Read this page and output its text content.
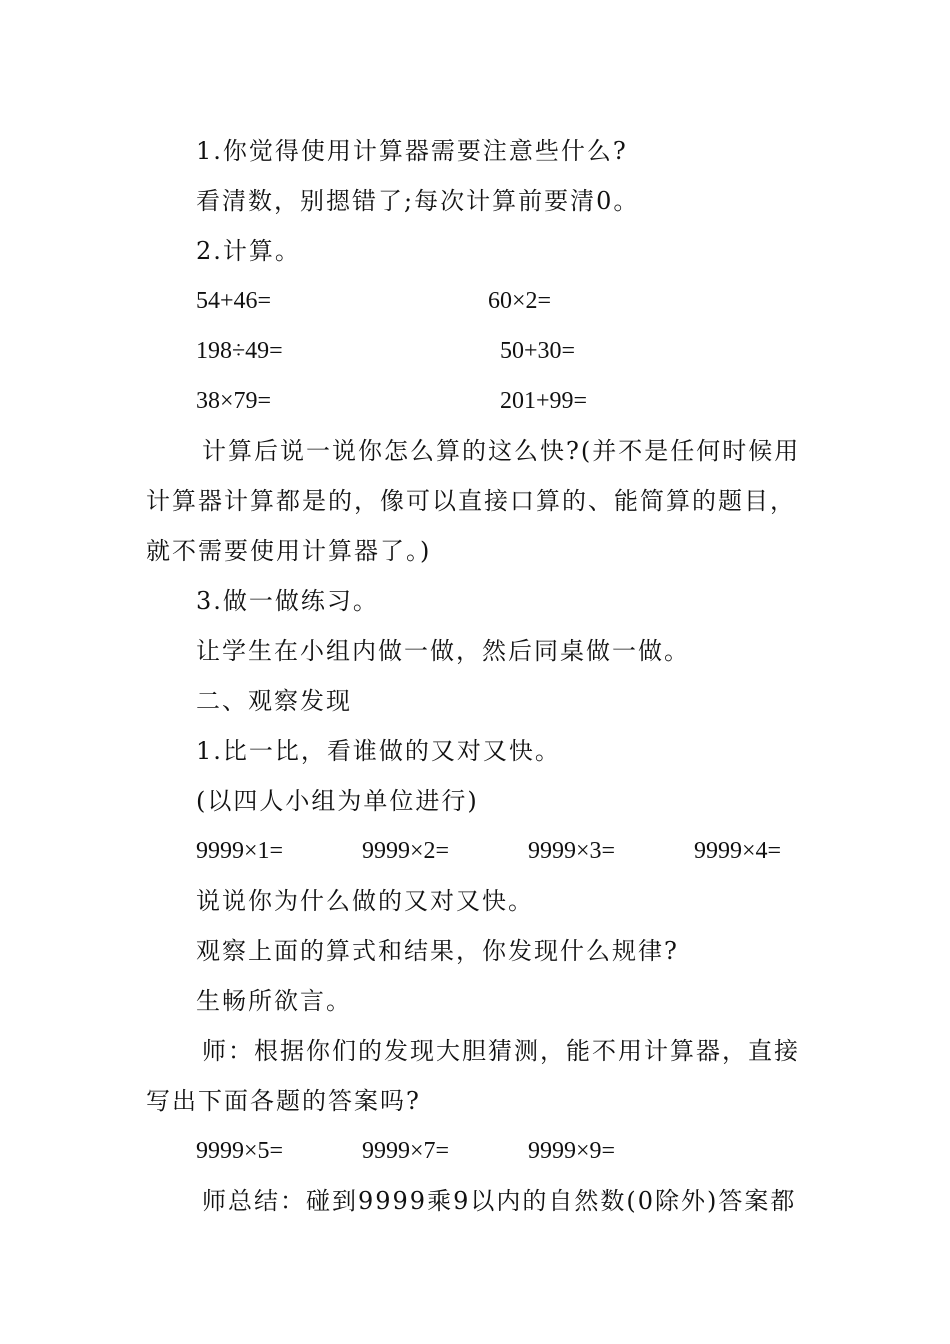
1.你觉得使用计算器需要注意些什么?
看清数，别摁错了;每次计算前要清0。
2.计算。
54+46=	60×2=
198÷49=	50+30=
38×79=	201+99=
计算后说一说你怎么算的这么快?(并不是任何时候用
计算器计算都是的，像可以直接口算的、能简算的题目，
就不需要使用计算器了。)
3.做一做练习。
让学生在小组内做一做，然后同桌做一做。
二、观察发现
1.比一比，看谁做的又对又快。
(以四人小组为单位进行)
9999×1=	9999×2=	9999×3=	9999×4=
说说你为什么做的又对又快。
观察上面的算式和结果，你发现什么规律?
生畅所欲言。
师：根据你们的发现大胆猜测，能不用计算器，直接
写出下面各题的答案吗?
9999×5=	9999×7=	9999×9=
师总结：碰到9999乘9以内的自然数(0除外)答案都
